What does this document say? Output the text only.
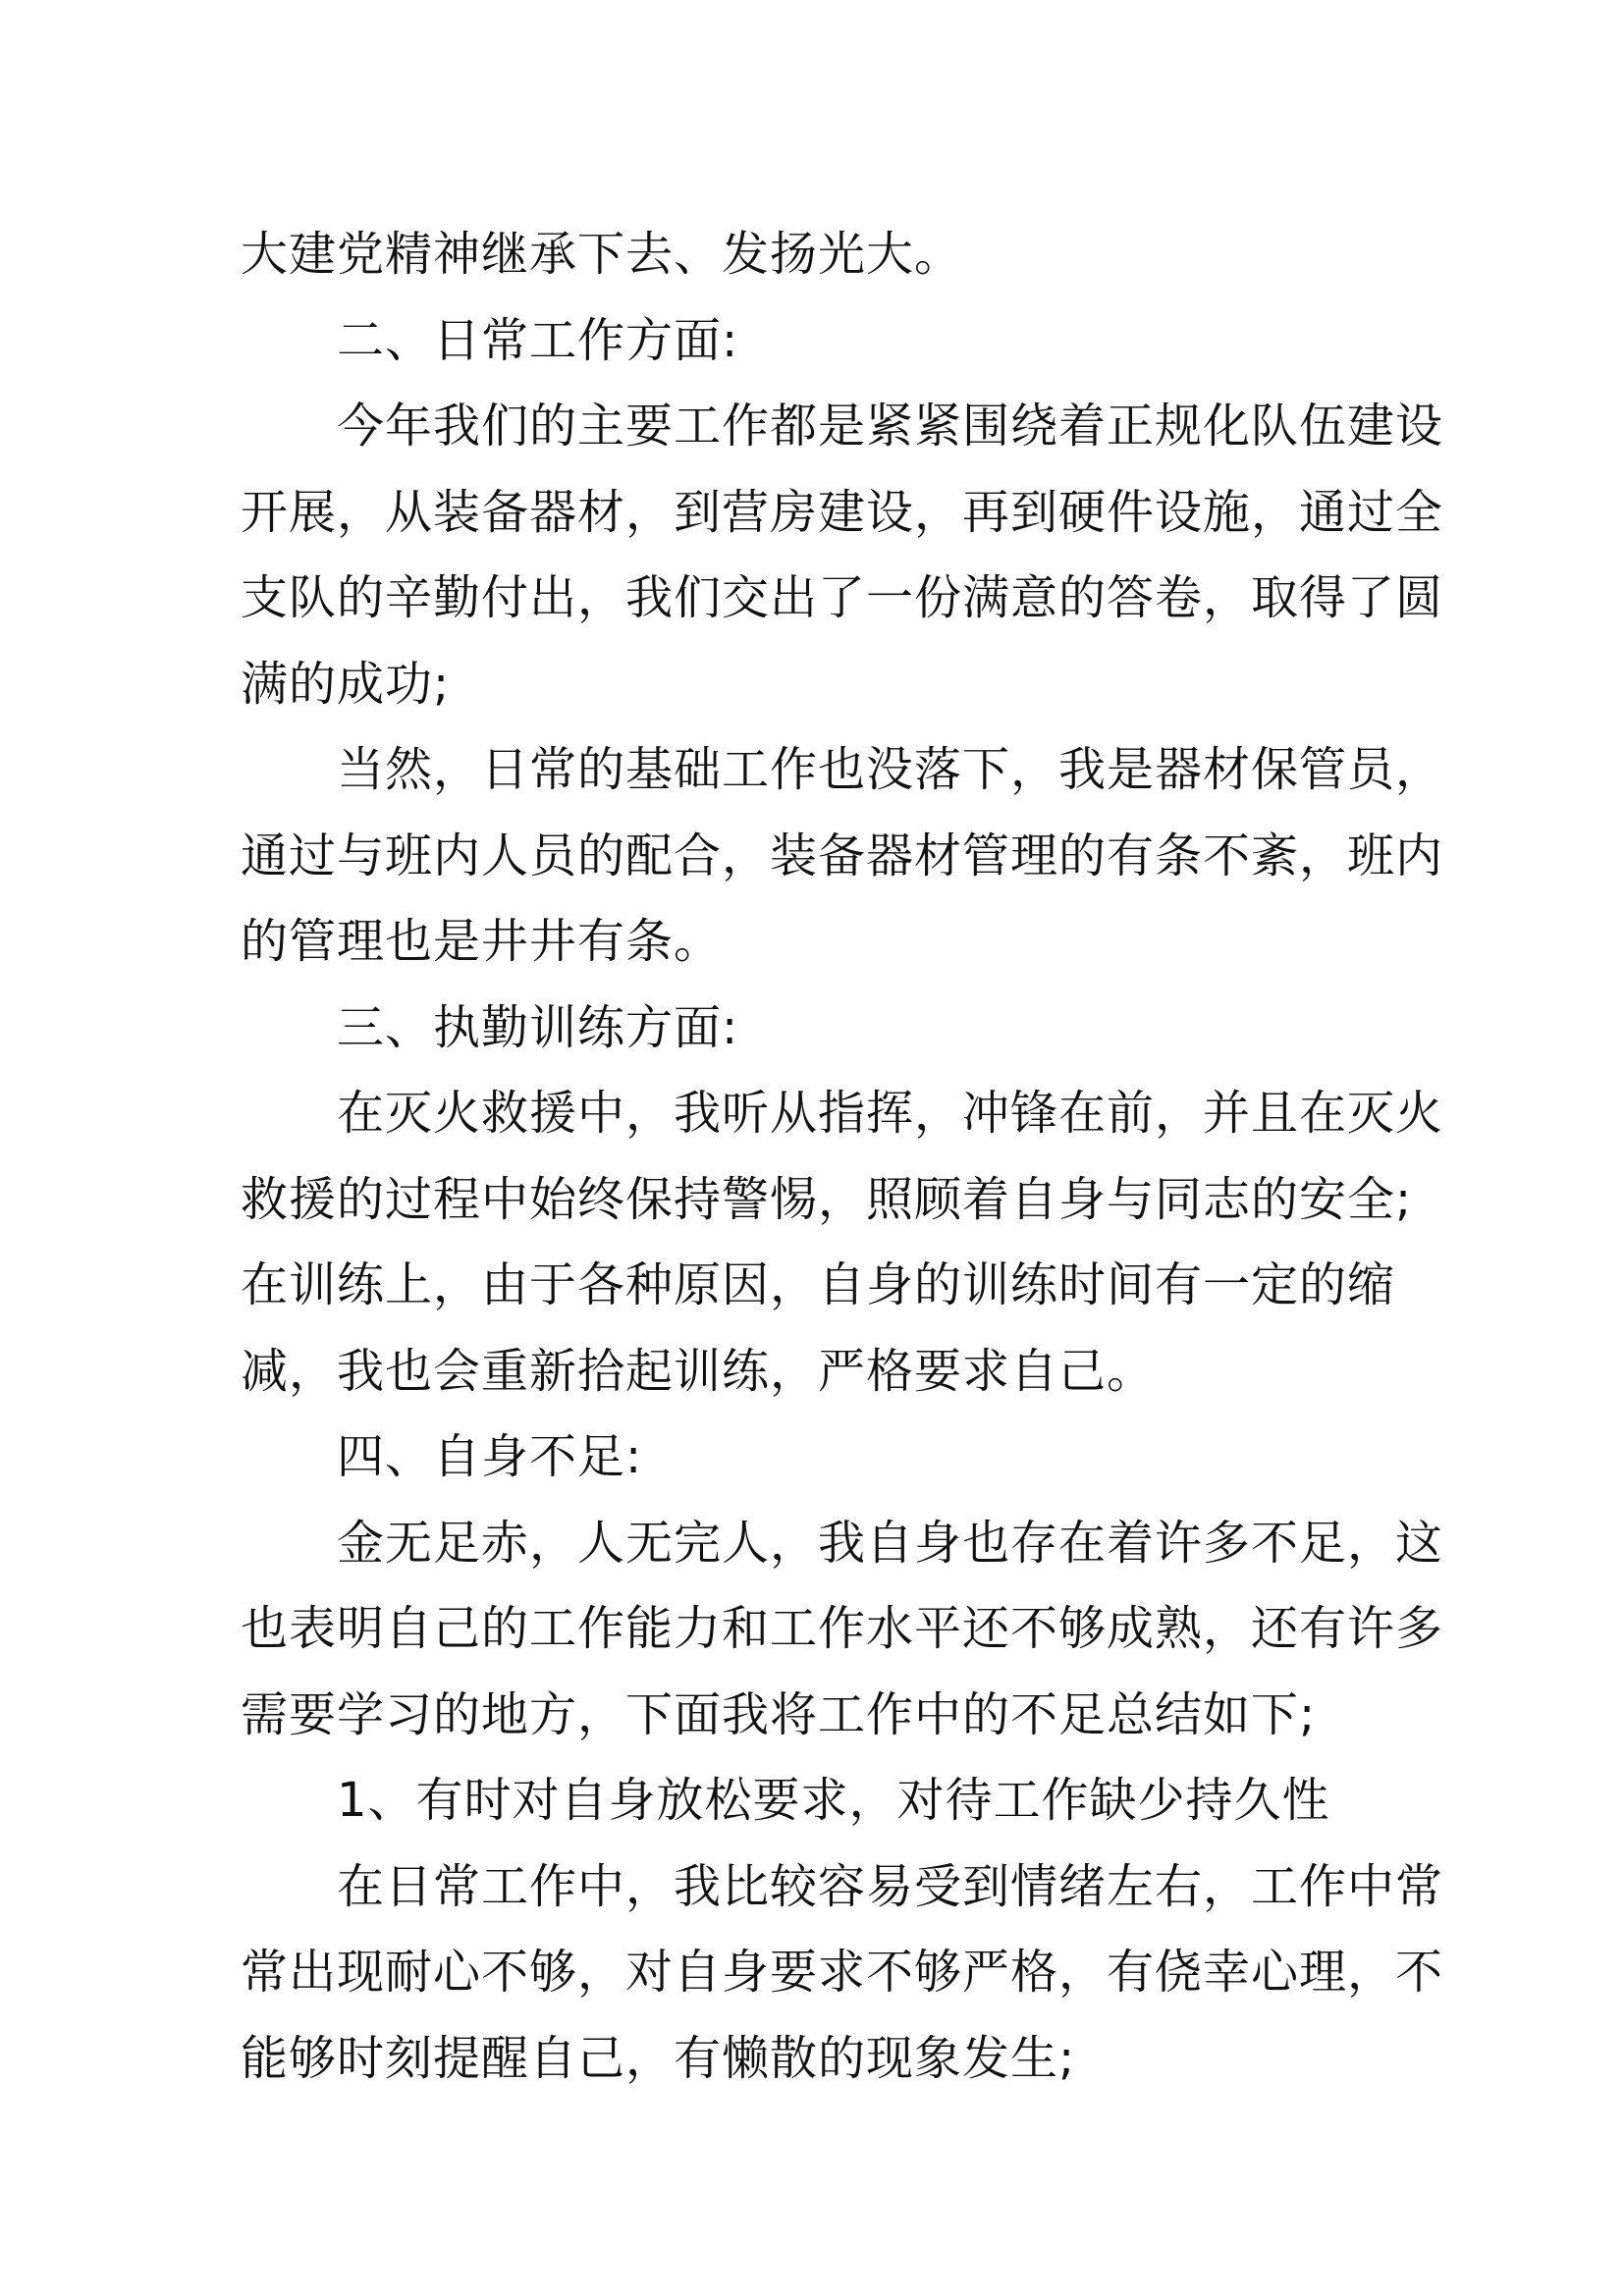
大建党精神继承下去、发扬光大。
二、日常工作方面:
今年我们的主要工作都是紧紧围绕着正规化队伍建设
开展，从装备器材，到营房建设，再到硬件设施，通过全
支队的辛勤付出，我们交出了一份满意的答卷，取得了圆
满的成功;
当然，日常的基础工作也没落下，我是器材保管员，
通过与班内人员的配合，装备器材管理的有条不紊，班内
的管理也是井井有条。
三、执勤训练方面:
在灭火救援中，我听从指挥，冲锋在前，并且在灭火
救援的过程中始终保持警惕，照顾着自身与同志的安全;
在训练上，由于各种原因，自身的训练时间有一定的缩
减，我也会重新拾起训练，严格要求自己。
四、自身不足:
金无足赤，人无完人，我自身也存在着许多不足，这
也表明自己的工作能力和工作水平还不够成熟，还有许多
需要学习的地方，下面我将工作中的不足总结如下;
1、有时对自身放松要求，对待工作缺少持久性
在日常工作中，我比较容易受到情绪左右，工作中常
常出现耐心不够，对自身要求不够严格，有侥幸心理，不
能够时刻提醒自己，有懒散的现象发生;
